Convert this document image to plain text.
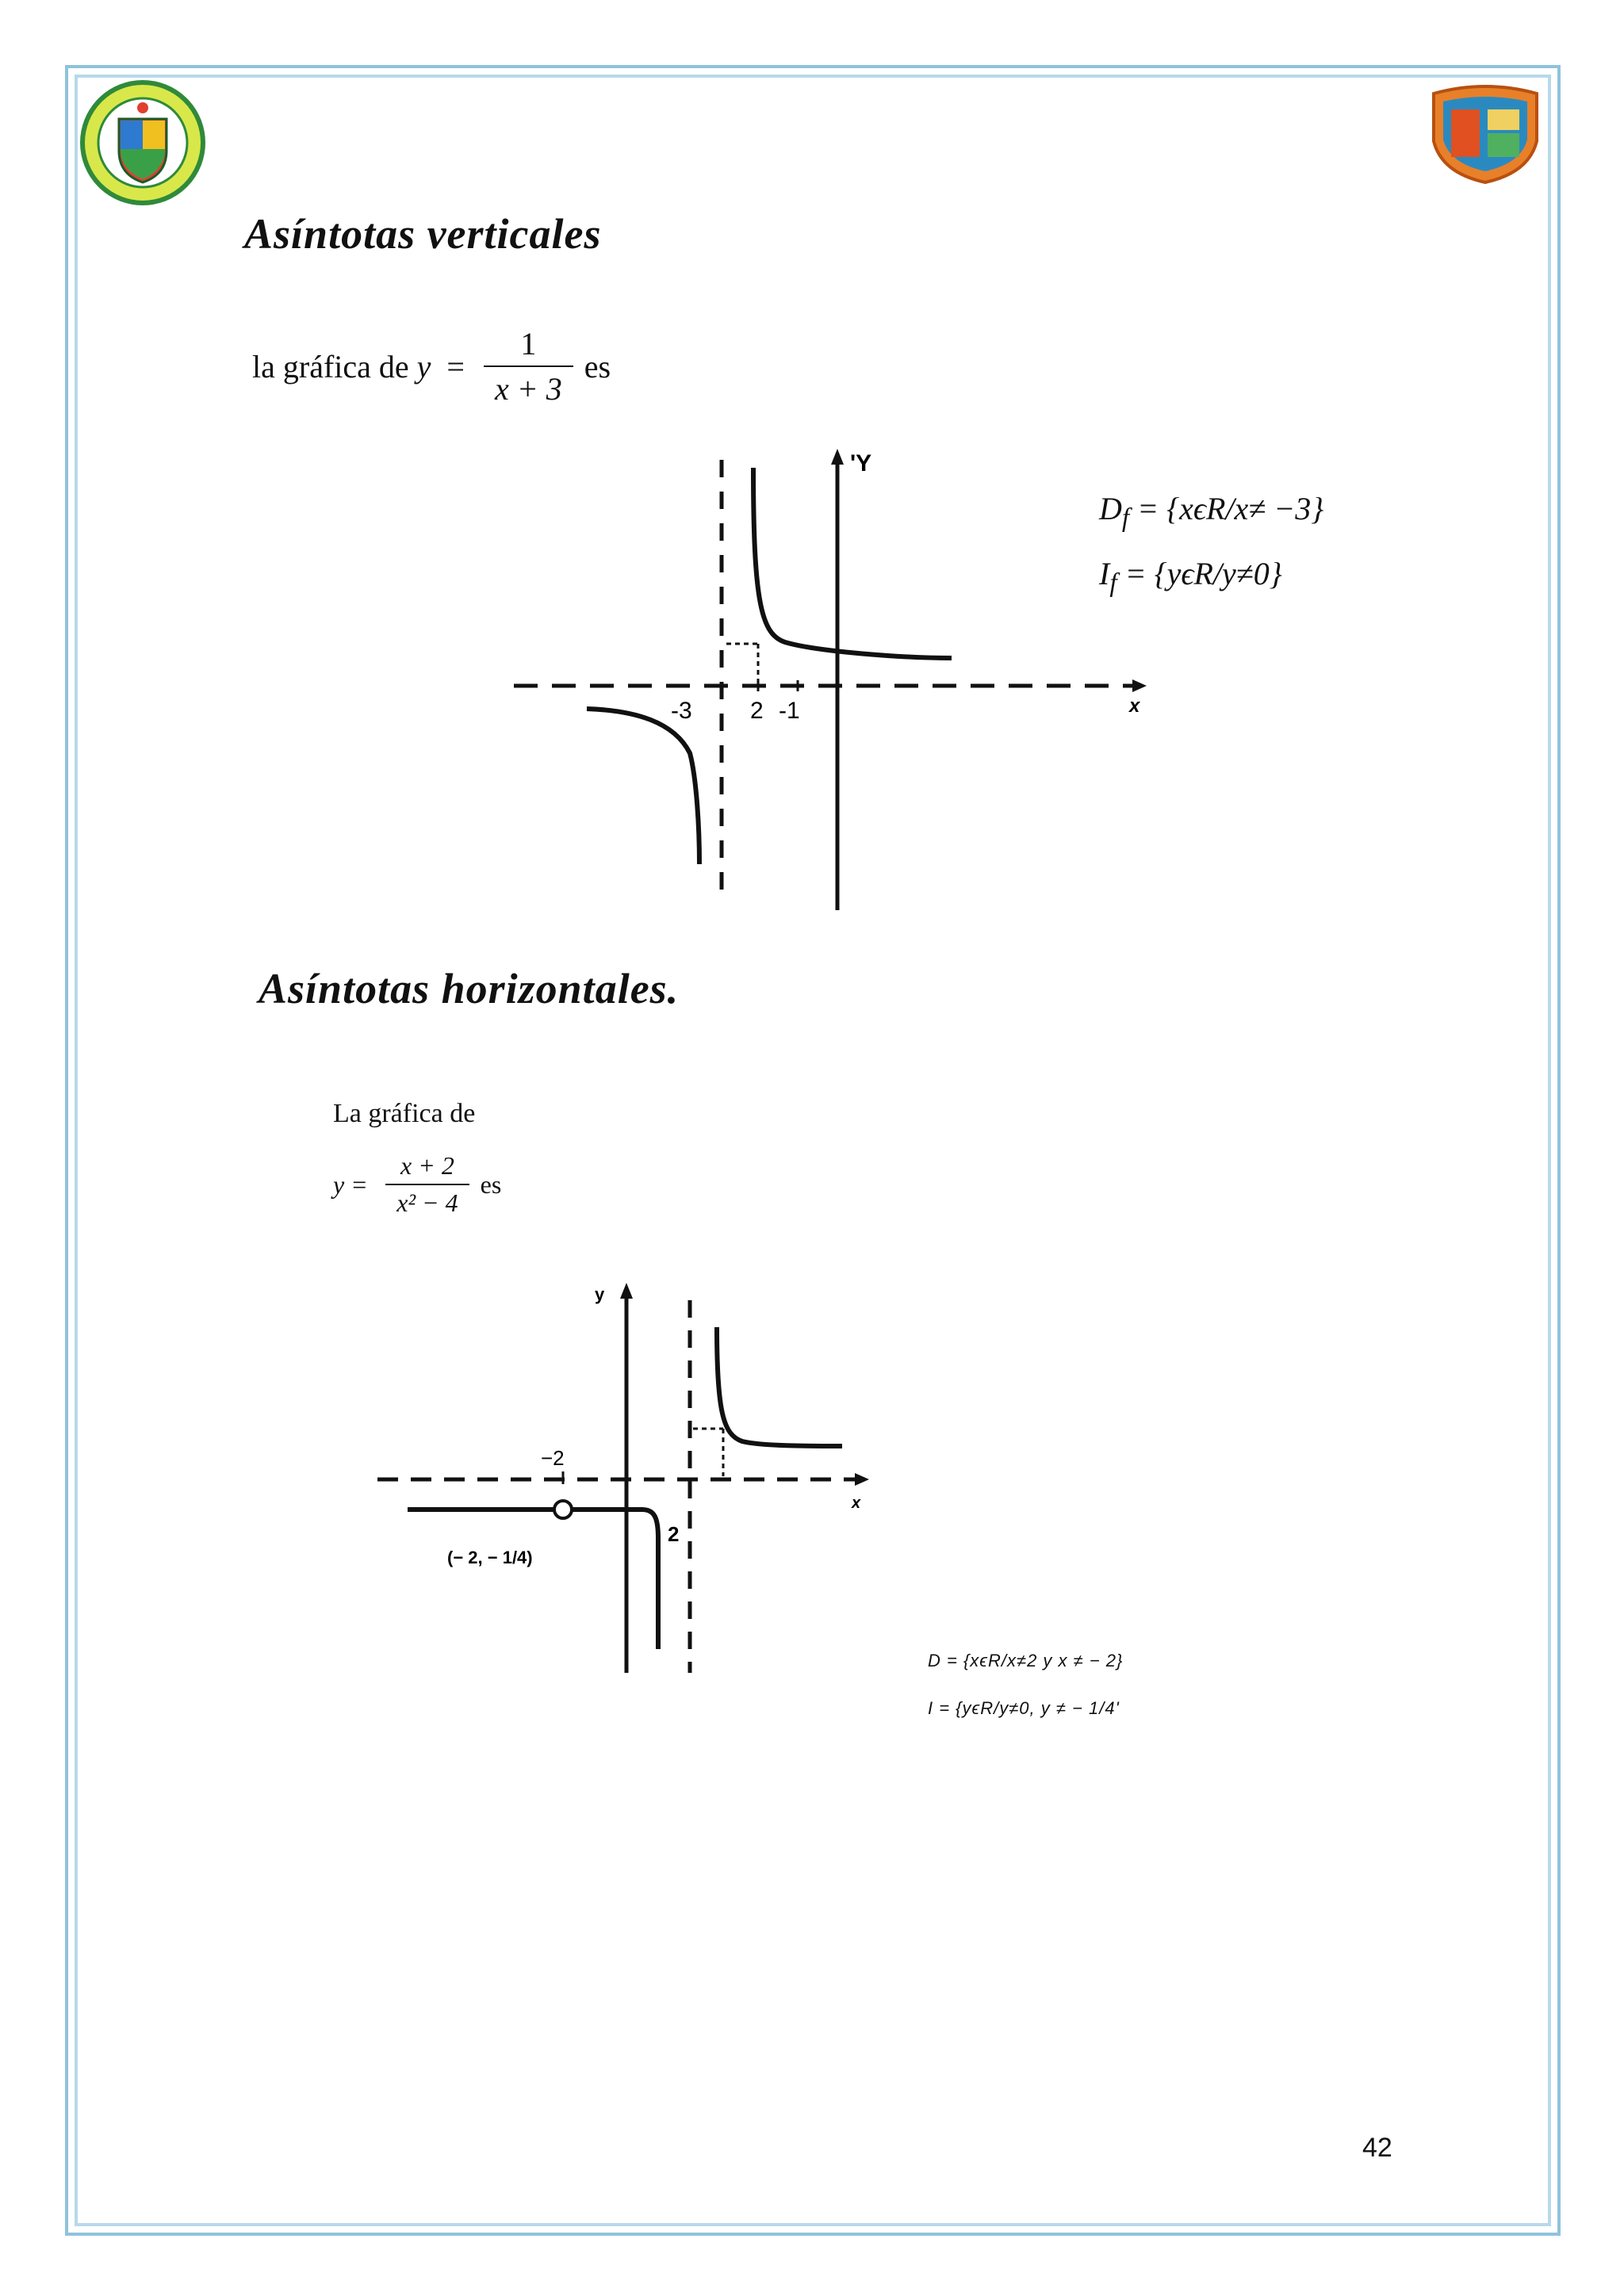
Asíntotas verticales
la gráfica de $y = \frac{1}{x + 3}$ es
-3 2 -1
'Y
x
$D_f = \{x\epsilon R/x\ne -3\}$
$I_f = \{y\epsilon R/y\ne 0\}$
Asíntotas horizontales.
La gráfica de
$y = \frac{x + 2}{\text{x² − 4}}$ es
−2
2
(− 2, − 1/4)
y
x
D = {xϵR/x≠2 y x ≠ − 2}
I = {yϵR/y≠0, y ≠ − 1/4'
42
